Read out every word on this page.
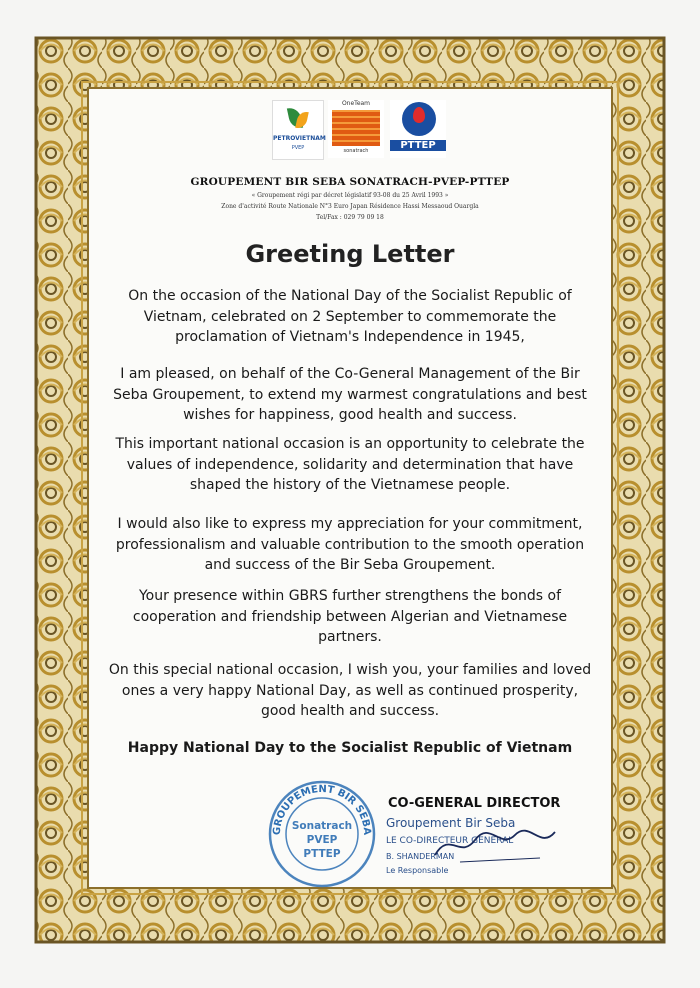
PETROVIETNAM
PVEP
OneTeam
sonatrach	PTTEP
GROUPEMENT BIR SEBA SONATRACH-PVEP-PTTEP
« Groupement régi par décret législatif 93-08 du 25 Avril 1993 »
Zone d'activité Route Nationale N°3 Euro Japan Résidence Hassi Messaoud Ouargla
Tel/Fax : 029 79 09 18
Greeting Letter
On the occasion of the National Day of the Socialist Republic of Vietnam, celebrated on 2 September to commemorate the proclamation of Vietnam's Independence in 1945,
I am pleased, on behalf of the Co-General Management of the Bir Seba Groupement, to extend my warmest congratulations and best wishes for happiness, good health and success.
This important national occasion is an opportunity to celebrate the values of independence, solidarity and determination that have shaped the history of the Vietnamese people.
I would also like to express my appreciation for your commitment, professionalism and valuable contribution to the smooth operation and success of the Bir Seba Groupement.
Your presence within GBRS further strengthens the bonds of cooperation and friendship between Algerian and Vietnamese partners.
On this special national occasion, I wish you, your families and loved ones a very happy National Day, as well as continued prosperity, good health and success.
Happy National Day to the Socialist Republic of Vietnam
GROUPEMENT BIR SEBA
Sonatrach
PVEP
PTTEP
CO-GENERAL DIRECTOR
Groupement Bir Seba
LE CO-DIRECTEUR GENERAL
B. SHANDERMAN
Le Responsable
